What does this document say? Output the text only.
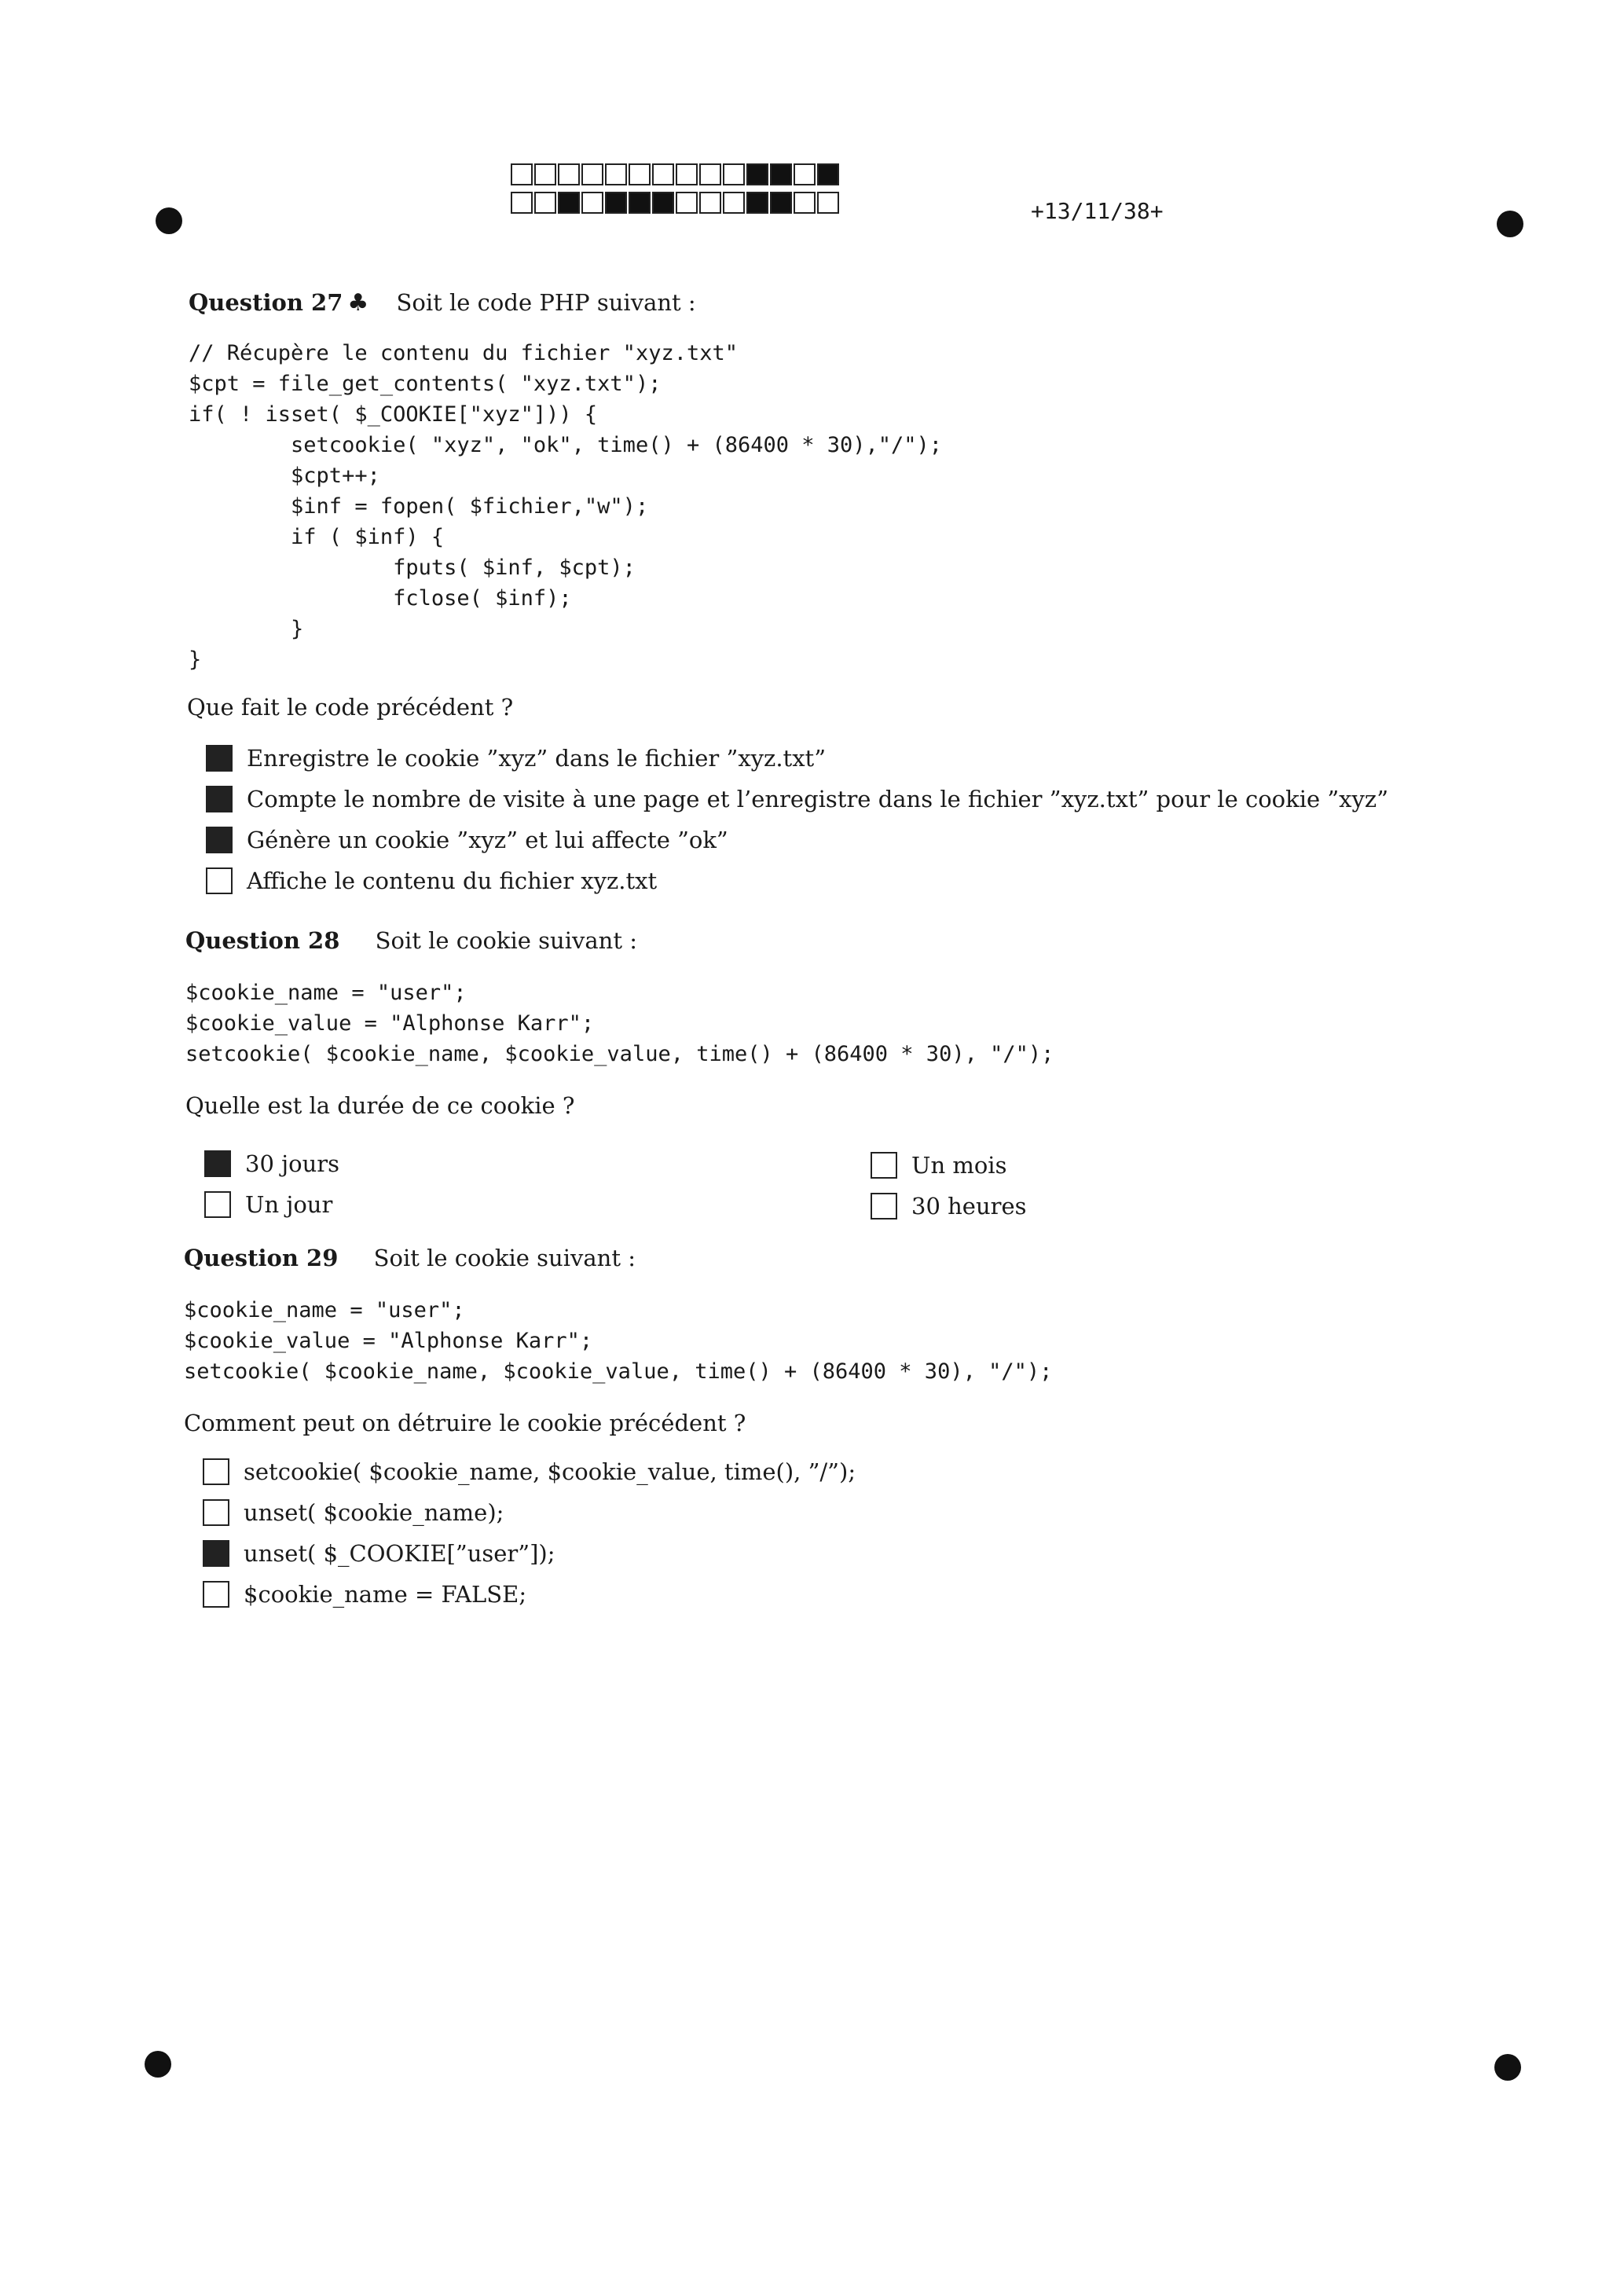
+13/11/38+
Question 27 ♣ Soit le code PHP suivant :
// Récupère le contenu du fichier "xyz.txt"
$cpt = file_get_contents( "xyz.txt");
if( ! isset( $_COOKIE["xyz"])) {
setcookie( "xyz", "ok", time() + (86400 * 30),"/");
$cpt++;
$inf = fopen( $fichier,"w");
if ( $inf) {
fputs( $inf, $cpt);
fclose( $inf);
}
}
Que fait le code précédent ?
Enregistre le cookie ”xyz” dans le fichier ”xyz.txt”
Compte le nombre de visite à une page et l’enregistre dans le fichier ”xyz.txt” pour le cookie ”xyz”
Génère un cookie ”xyz” et lui affecte ”ok”
Affiche le contenu du fichier xyz.txt
Question 28 Soit le cookie suivant :
$cookie_name = "user";
$cookie_value = "Alphonse Karr";
setcookie( $cookie_name, $cookie_value, time() + (86400 * 30), "/");
Quelle est la durée de ce cookie ?
30 jours	Un mois
Un jour	30 heures
Question 29 Soit le cookie suivant :
$cookie_name = "user";
$cookie_value = "Alphonse Karr";
setcookie( $cookie_name, $cookie_value, time() + (86400 * 30), "/");
Comment peut on détruire le cookie précédent ?
setcookie( $cookie_name, $cookie_value, time(), ”/”);
unset( $cookie_name);
unset( $_COOKIE[”user”]);
$cookie_name = FALSE;
